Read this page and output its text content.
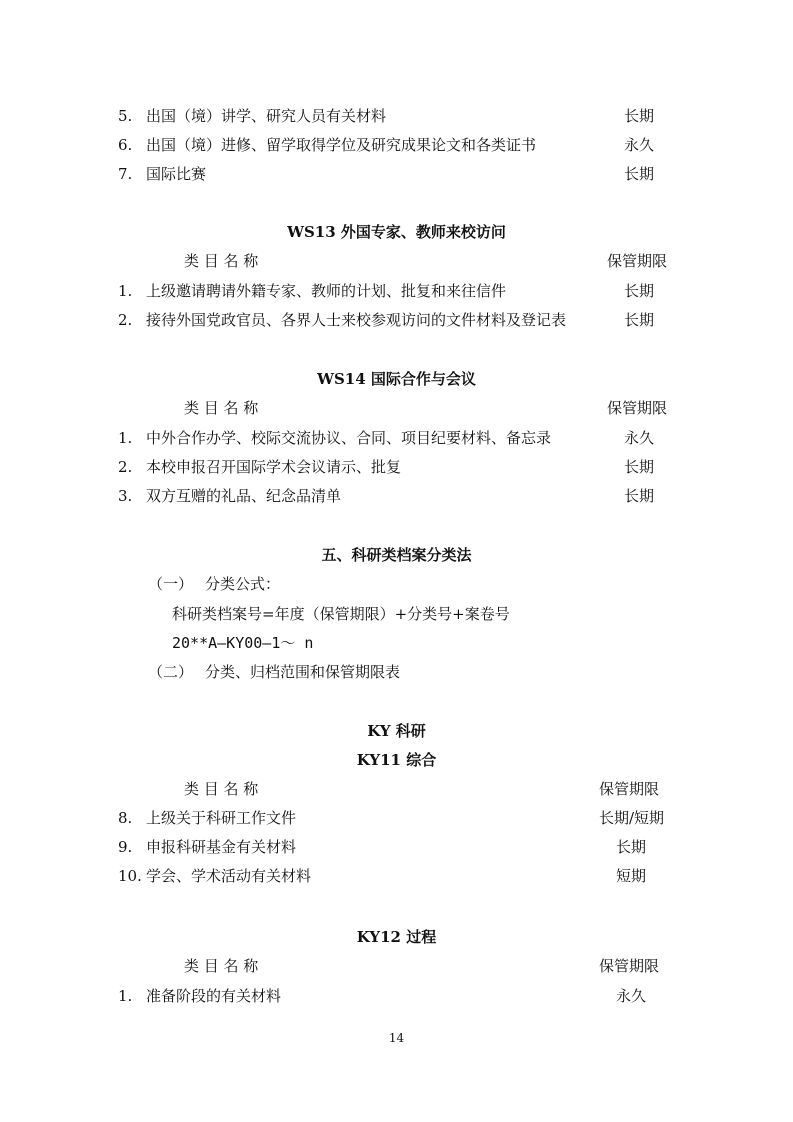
5. 出国（境）讲学、研究人员有关材料	长期
6. 出国（境）进修、留学取得学位及研究成果论文和各类证书	永久
7. 国际比赛	长期
WS13 外国专家、教师来校访问
类 目 名 称	保管期限
1. 上级邀请聘请外籍专家、教师的计划、批复和来往信件	长期
2. 接待外国党政官员、各界人士来校参观访问的文件材料及登记表	长期
WS14 国际合作与会议
类 目 名 称	保管期限
1. 中外合作办学、校际交流协议、合同、项目纪要材料、备忘录	永久
2. 本校申报召开国际学术会议请示、批复	长期
3. 双方互赠的礼品、纪念品清单	长期
五、科研类档案分类法
（一） 分类公式：
科研类档案号=年度（保管期限）+分类号+案卷号
20**A—KY00—1～ n
（二） 分类、归档范围和保管期限表
KY 科研
KY11 综合
类 目 名 称	保管期限
8. 上级关于科研工作文件	长期/短期
9. 申报科研基金有关材料	长期
10. 学会、学术活动有关材料	短期
KY12 过程
类 目 名 称	保管期限
1. 准备阶段的有关材料	永久
14
